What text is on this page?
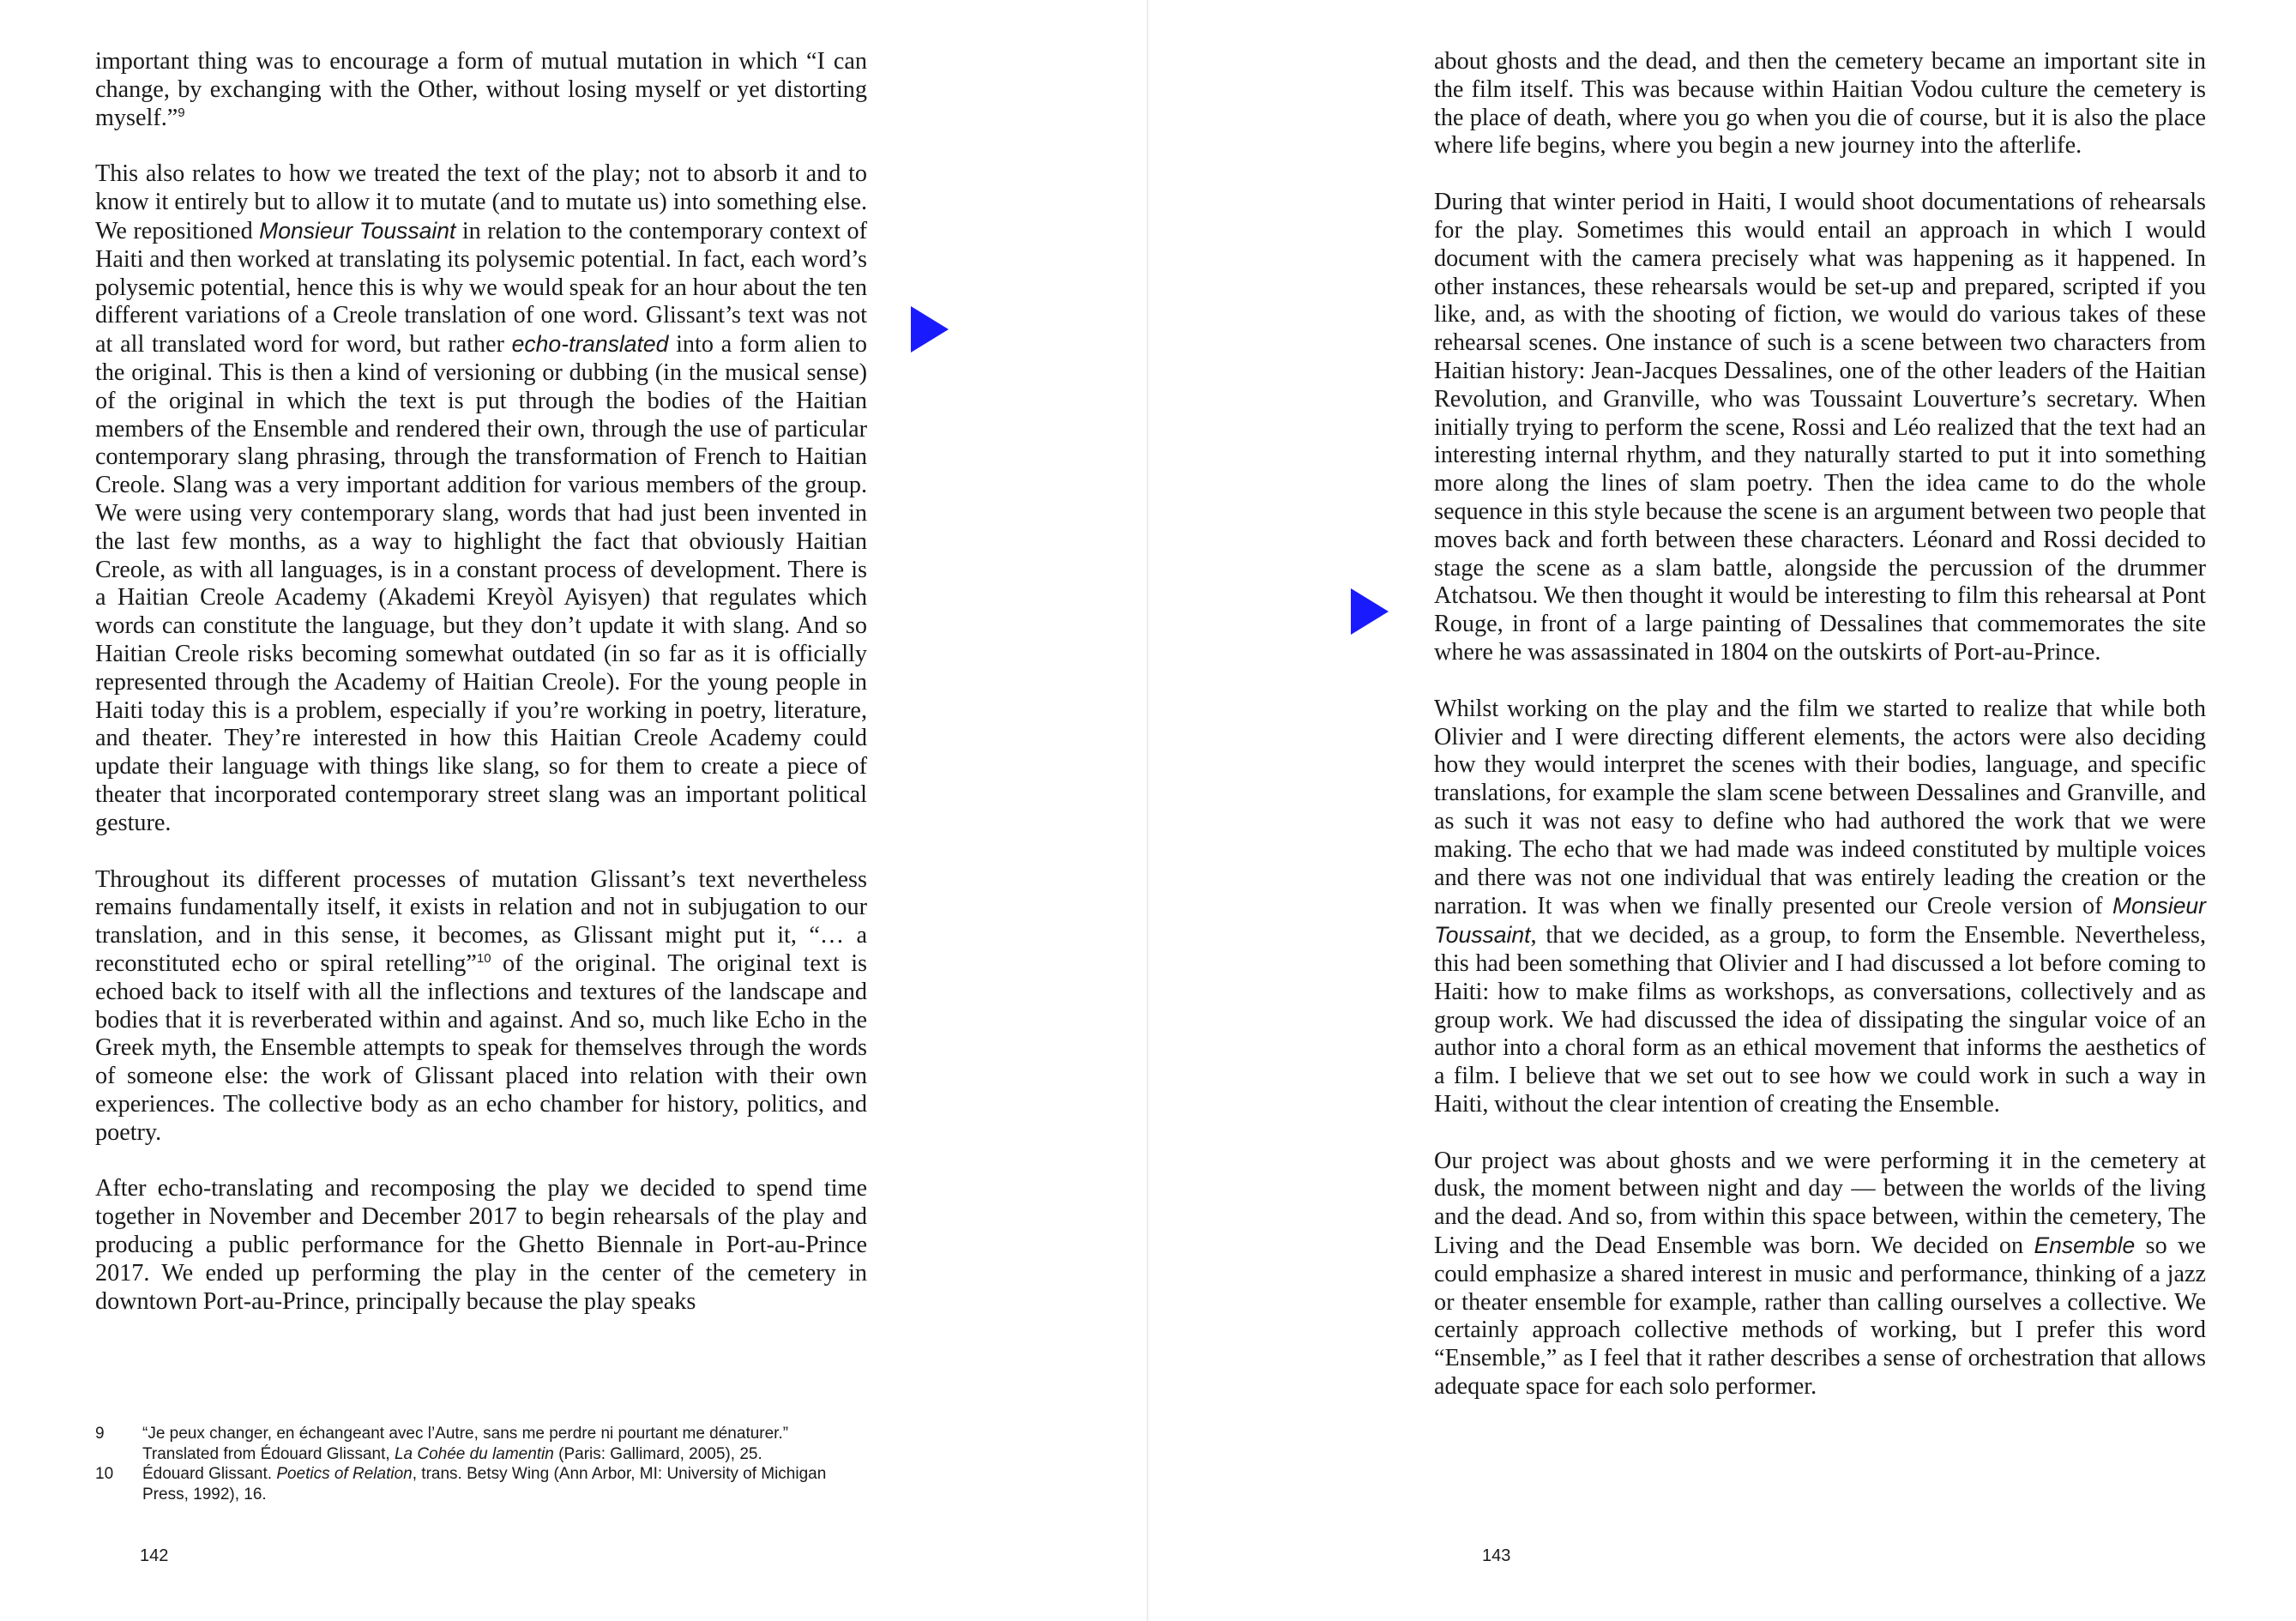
important thing was to encourage a form of mutual mutation in which “I can change, by exchanging with the Other, without losing myself or yet distorting myself.”$^9$

This also relates to how we treated the text of the play; not to absorb it and to know it entirely but to allow it to mutate (and to mutate us) into something else. We repositioned Monsieur Toussaint in relation to the contemporary context of Haiti and then worked at translating its polysemic potential. In fact, each word’s polysemic potential, hence this is why we would speak for an hour about the ten different variations of a Creole translation of one word. Glissant’s text was not at all translated word for word, but rather echo-translated into a form alien to the original. This is then a kind of versioning or dubbing (in the musical sense) of the original in which the text is put through the bodies of the Haitian members of the Ensemble and rendered their own, through the use of particular contemporary slang phrasing, through the transformation of French to Haitian Creole. Slang was a very important addition for various members of the group. We were using very contemporary slang, words that had just been invented in the last few months, as a way to highlight the fact that obviously Haitian Creole, as with all languages, is in a constant process of development. There is a Haitian Creole Academy (Akademi Kreyòl Ayisyen) that regulates which words can constitute the language, but they don’t update it with slang. And so Haitian Creole risks becoming somewhat outdated (in so far as it is officially represented through the Academy of Haitian Creole). For the young people in Haiti today this is a problem, especially if you’re working in poetry, literature, and theater. They’re interested in how this Haitian Creole Academy could update their language with things like slang, so for them to create a piece of theater that incorporated contemporary street slang was an important political gesture.

Throughout its different processes of mutation Glissant’s text nevertheless remains fundamentally itself, it exists in relation and not in subjugation to our translation, and in this sense, it becomes, as Glissant might put it, “… a reconstituted echo or spiral retelling”$^{10}$ of the original. The original text is echoed back to itself with all the inflections and textures of the landscape and bodies that it is reverberated within and against. And so, much like Echo in the Greek myth, the Ensemble attempts to speak for themselves through the words of someone else: the work of Glissant placed into relation with their own experiences. The collective body as an echo chamber for history, politics, and poetry.

After echo-translating and recomposing the play we decided to spend time together in November and December 2017 to begin rehearsals of the play and producing a public performance for the Ghetto Biennale in Port-au-Prince 2017. We ended up performing the play in the center of the cemetery in downtown Port-au-Prince, principally because the play speaks

9 “Je peux changer, en échangeant avec l’Autre, sans me perdre ni pourtant me dénaturer.”
Translated from Édouard Glissant, La Cohée du lamentin (Paris: Gallimard, 2005), 25.
10 Édouard Glissant. Poetics of Relation, trans. Betsy Wing (Ann Arbor, MI: University of Michigan Press, 1992), 16.
142

about ghosts and the dead, and then the cemetery became an important site in the film itself. This was because within Haitian Vodou culture the cemetery is the place of death, where you go when you die of course, but it is also the place where life begins, where you begin a new journey into the afterlife.

During that winter period in Haiti, I would shoot documentations of rehearsals for the play. Sometimes this would entail an approach in which I would document with the camera precisely what was happening as it happened. In other instances, these rehearsals would be set-up and prepared, scripted if you like, and, as with the shooting of fiction, we would do various takes of these rehearsal scenes. One instance of such is a scene between two characters from Haitian history: Jean-Jacques Dessalines, one of the other leaders of the Haitian Revolution, and Granville, who was Toussaint Louverture’s secretary. When initially trying to perform the scene, Rossi and Léo realized that the text had an interesting internal rhythm, and they naturally started to put it into something more along the lines of slam poetry. Then the idea came to do the whole sequence in this style because the scene is an argument between two people that moves back and forth between these characters. Léonard and Rossi decided to stage the scene as a slam battle, alongside the percussion of the drummer Atchatsou. We then thought it would be interesting to film this rehearsal at Pont Rouge, in front of a large painting of Dessalines that commemorates the site where he was assassinated in 1804 on the outskirts of Port-au-Prince.

Whilst working on the play and the film we started to realize that while both Olivier and I were directing different elements, the actors were also deciding how they would interpret the scenes with their bodies, language, and specific translations, for example the slam scene between Dessalines and Granville, and as such it was not easy to define who had authored the work that we were making. The echo that we had made was indeed constituted by multiple voices and there was not one individual that was entirely leading the creation or the narration. It was when we finally presented our Creole version of Monsieur Toussaint, that we decided, as a group, to form the Ensemble. Nevertheless, this had been something that Olivier and I had discussed a lot before coming to Haiti: how to make films as workshops, as conversations, collectively and as group work. We had discussed the idea of dissipating the singular voice of an author into a choral form as an ethical movement that informs the aesthetics of a film. I believe that we set out to see how we could work in such a way in Haiti, without the clear intention of creating the Ensemble.

Our project was about ghosts and we were performing it in the cemetery at dusk, the moment between night and day — between the worlds of the living and the dead. And so, from within this space between, within the cemetery, The Living and the Dead Ensemble was born. We decided on Ensemble so we could emphasize a shared interest in music and performance, thinking of a jazz or theater ensemble for example, rather than calling ourselves a collective. We certainly approach collective methods of working, but I prefer this word “Ensemble,” as I feel that it rather describes a sense of orchestration that allows adequate space for each solo performer.

143
